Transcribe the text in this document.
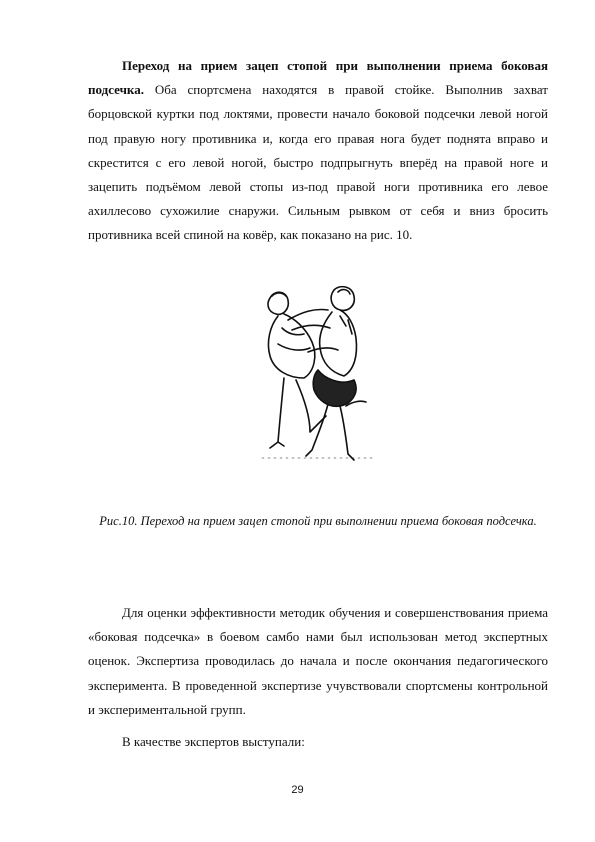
Переход на прием зацеп стопой при выполнении приема боковая подсечка. Оба спортсмена находятся в правой стойке. Выполнив захват борцовской куртки под локтями, провести начало боковой подсечки левой ногой под правую ногу противника и, когда его правая нога будет поднята вправо и скрестится с его левой ногой, быстро подпрыгнуть вперёд на правой ноге и зацепить подъёмом левой стопы из-под правой ноги противника его левое ахиллесово сухожилие снаружи. Сильным рывком от себя и вниз бросить противника всей спиной на ковёр, как показано на рис. 10.

Рис.10. Переход на прием зацеп стопой при выполнении приема боковая подсечка.

Для оценки эффективности методик обучения и совершенствования приема «боковая подсечка» в боевом самбо нами был использован метод экспертных оценок. Экспертиза проводилась до начала и после окончания педагогического эксперимента. В проведенной экспертизе учувствовали спортсмены контрольной и экспериментальной групп.

В качестве экспертов выступали:

29
